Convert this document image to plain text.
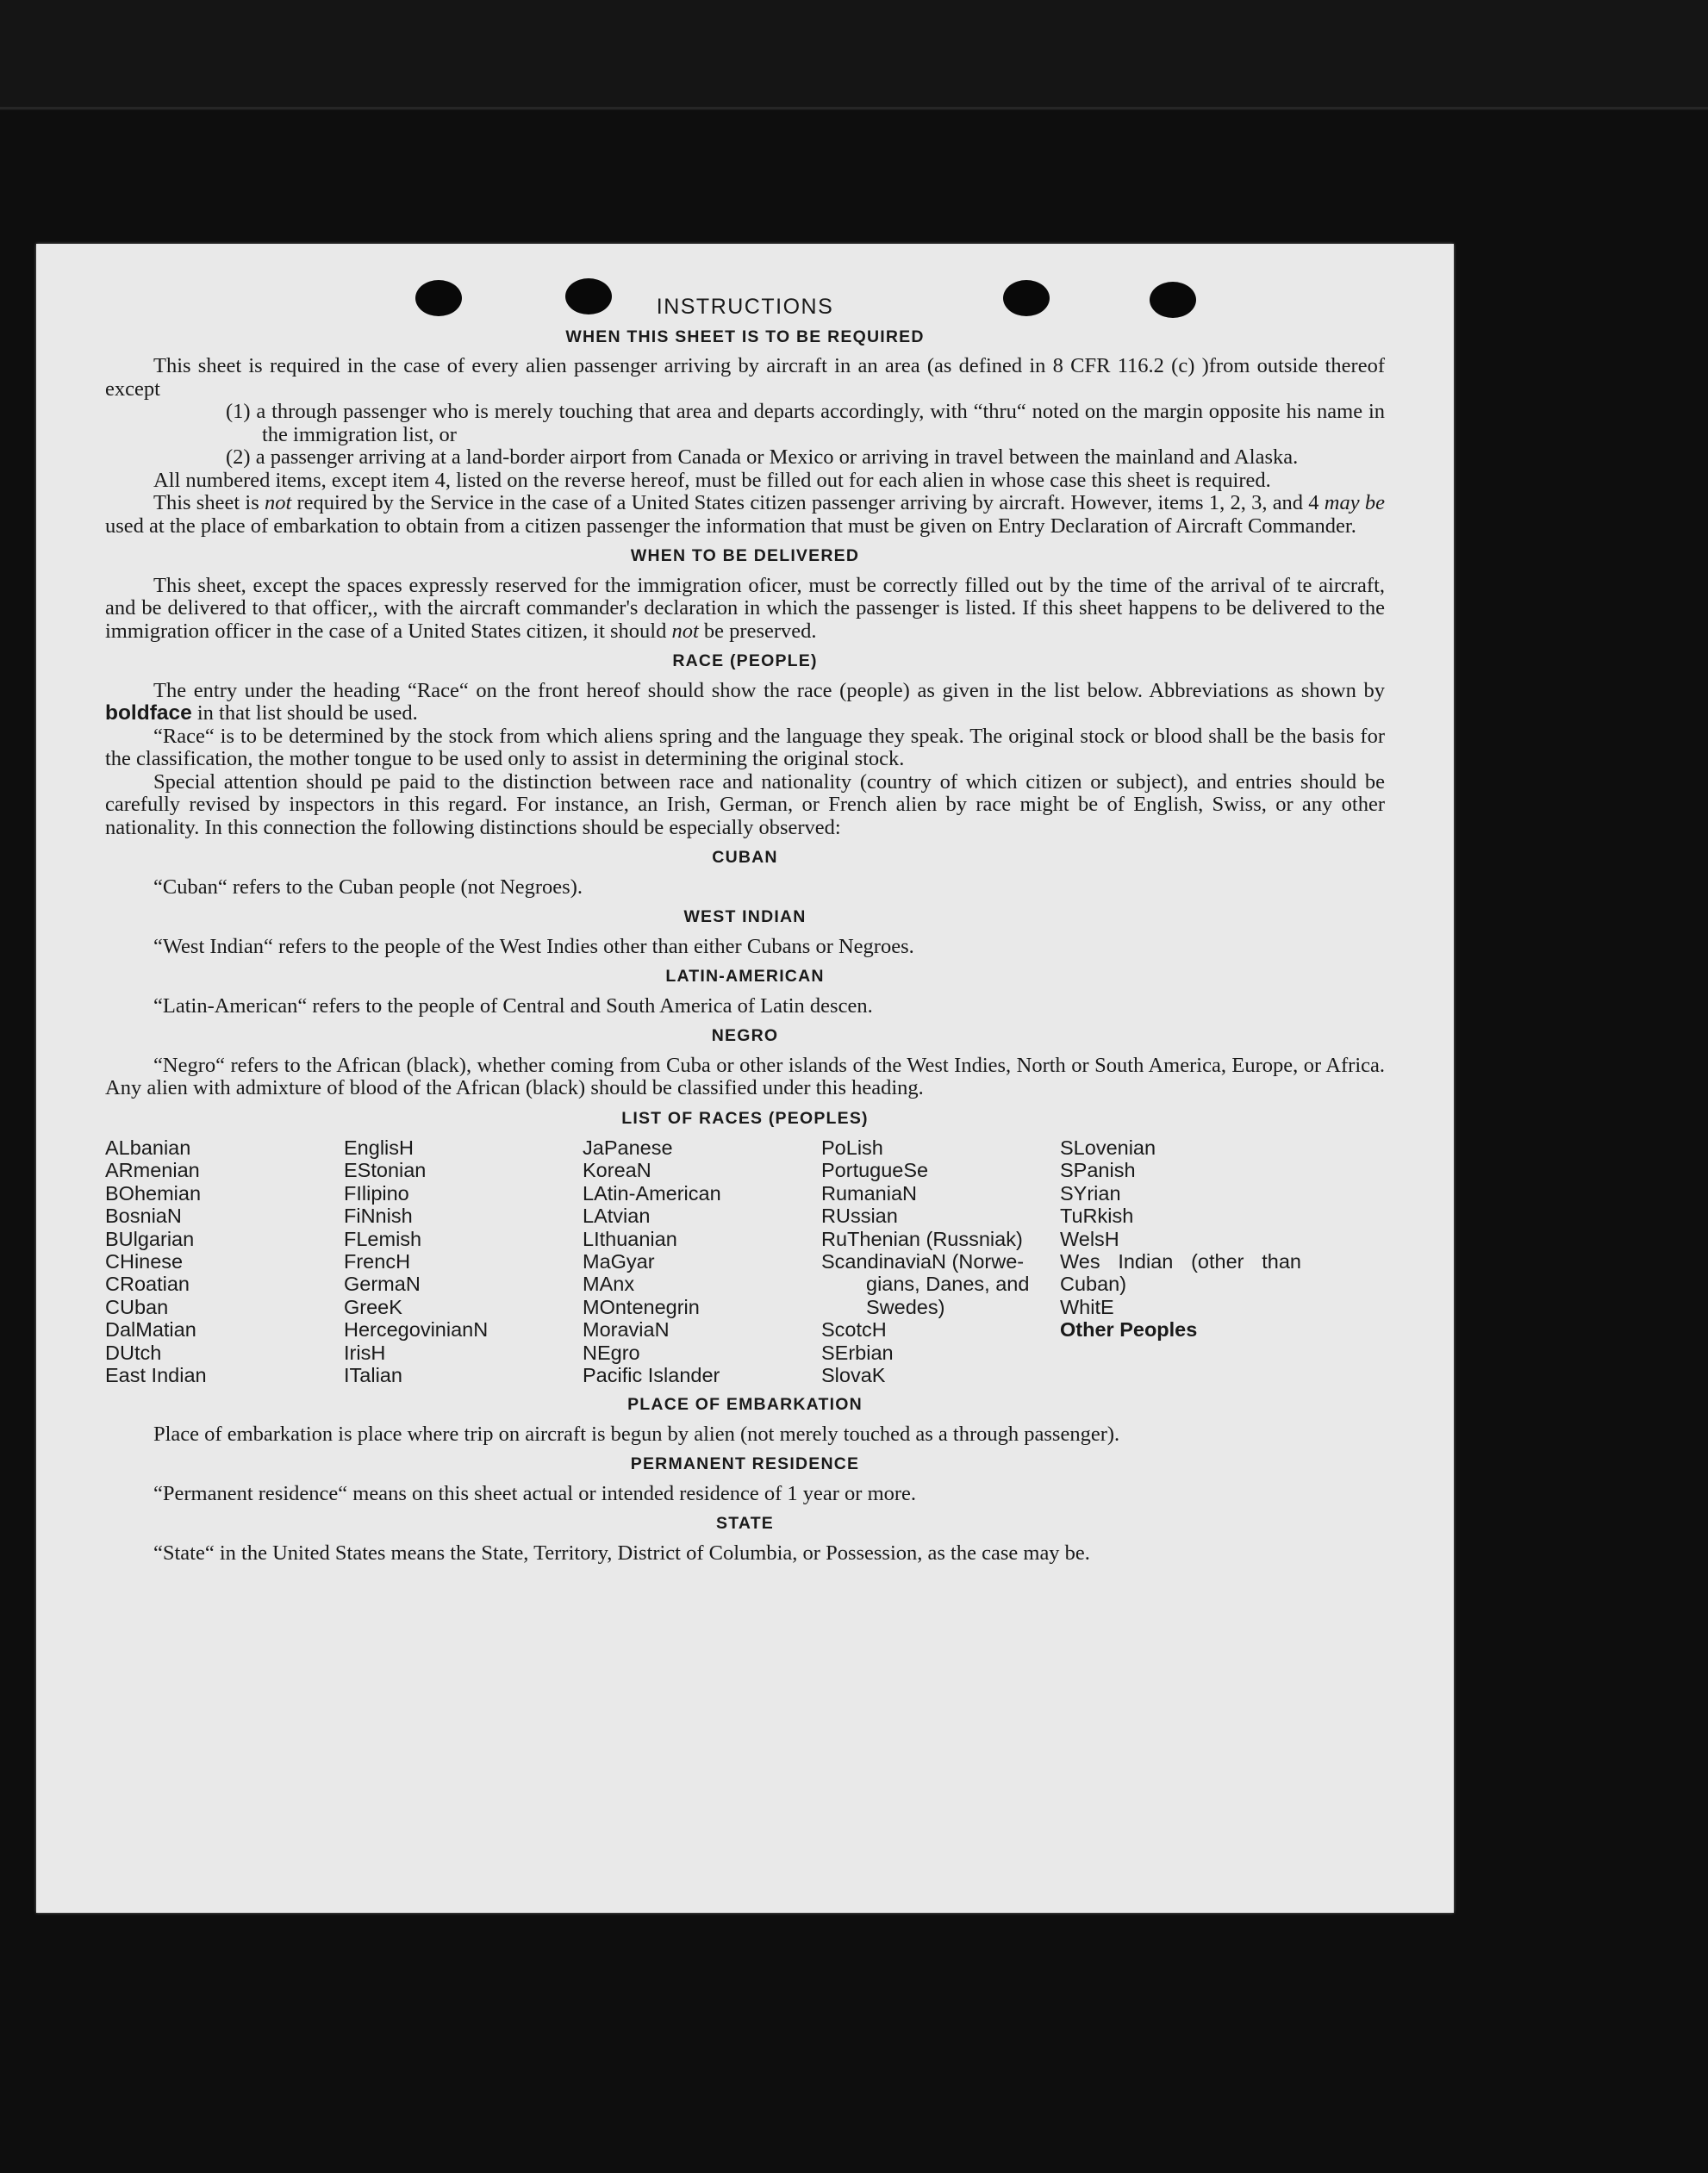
INSTRUCTIONS
WHEN THIS SHEET IS TO BE REQUIRED

This sheet is required in the case of every alien passenger arriving by aircraft in an area (as defined in 8 CFR 116.2 (c) )from outside thereof except

(1) a through passenger who is merely touching that area and departs accordingly, with “thru“ noted on the margin opposite his name in the immigration list, or
(2) a passenger arriving at a land-border airport from Canada or Mexico or arriving in travel between the mainland and Alaska.

All numbered items, except item 4, listed on the reverse hereof, must be filled out for each alien in whose case this sheet is required.

This sheet is not required by the Service in the case of a United States citizen passenger arriving by aircraft. However, items 1, 2, 3, and 4 may be used at the place of embarkation to obtain from a citizen passenger the information that must be given on Entry Declaration of Aircraft Commander.

WHEN TO BE DELIVERED

This sheet, except the spaces expressly reserved for the immigration oficer, must be correctly filled out by the time of the arrival of te aircraft, and be delivered to that officer,, with the aircraft commander's declaration in which the passenger is listed. If this sheet happens to be delivered to the immigration officer in the case of a United States citizen, it should not be preserved.

RACE (PEOPLE)

The entry under the heading “Race“ on the front hereof should show the race (people) as given in the list below. Abbreviations as shown by boldface in that list should be used.

“Race“ is to be determined by the stock from which aliens spring and the language they speak. The original stock or blood shall be the basis for the classification, the mother tongue to be used only to assist in determining the original stock.

Special attention should pe paid to the distinction between race and nationality (country of which citizen or subject), and entries should be carefully revised by inspectors in this regard. For instance, an Irish, German, or French alien by race might be of English, Swiss, or any other nationality. In this connection the following distinctions should be especially observed:

CUBAN

“Cuban“ refers to the Cuban people (not Negroes).

WEST INDIAN

“West Indian“ refers to the people of the West Indies other than either Cubans or Negroes.

LATIN-AMERICAN

“Latin-American“ refers to the people of Central and South America of Latin descen.

NEGRO

“Negro“ refers to the African (black), whether coming from Cuba or other islands of the West Indies, North or South America, Europe, or Africa. Any alien with admixture of blood of the African (black) should be classified under this heading.

LIST OF RACES (PEOPLES)
ALbanian
ARmenian
BOhemian
BosniaN
BUlgarian
CHinese
CRoatian
CUban
DalMatian
DUtch
East Indian
EnglisH
EStonian
FIlipino
FiNnish
FLemish
FrencH
GermaN
GreeK
HercegovinianN
IrisH
ITalian
JaPanese
KoreaN
LAtin-American
LAtvian
LIthuanian
MaGyar
MAnx
MOntenegrin
MoraviaN
NEgro
Pacific Islander
PoLish
PortugueSe
RumaniaN
RUssian
RuThenian (Russniak)
ScandinaviaN (Norwe-
gians, Danes, and Swedes)
ScotcH
SErbian
SlovaK
SLovenian
SPanish
SYrian
TuRkish
WelsH
Wes Indian (other than Cuban)
WhitE
Other Peoples
PLACE OF EMBARKATION

Place of embarkation is place where trip on aircraft is begun by alien (not merely touched as a through passenger).

PERMANENT RESIDENCE

“Permanent residence“ means on this sheet actual or intended residence of 1 year or more.

STATE

“State“ in the United States means the State, Territory, District of Columbia, or Possession, as the case may be.
